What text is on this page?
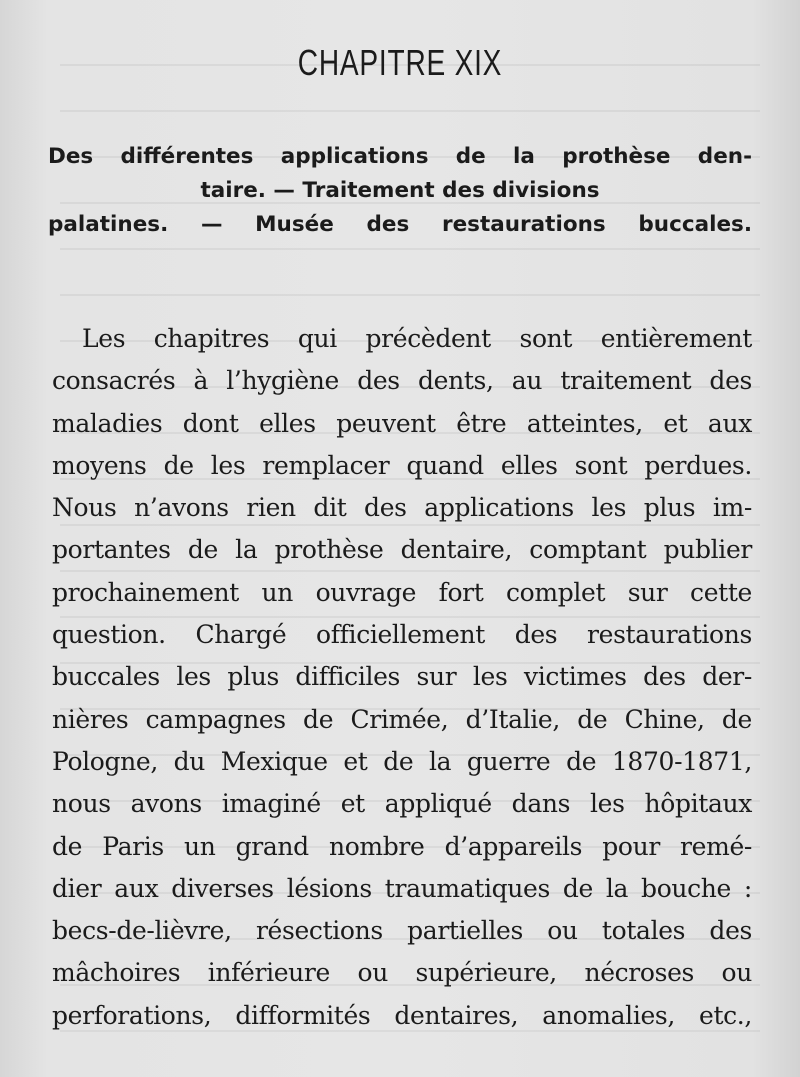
CHAPITRE XIX
Des différentes applications de la prothèse den-
taire. — Traitement des divisions
palatines. — Musée des restaurations buccales.
Les chapitres qui précèdent sont entièrement
consacrés à l’hygiène des dents, au traitement des
maladies dont elles peuvent être atteintes, et aux
moyens de les remplacer quand elles sont perdues.
Nous n’avons rien dit des applications les plus im-
portantes de la prothèse dentaire, comptant publier
prochainement un ouvrage fort complet sur cette
question. Chargé officiellement des restaurations
buccales les plus difficiles sur les victimes des der-
nières campagnes de Crimée, d’Italie, de Chine, de
Pologne, du Mexique et de la guerre de 1870-1871,
nous avons imaginé et appliqué dans les hôpitaux
de Paris un grand nombre d’appareils pour remé-
dier aux diverses lésions traumatiques de la bouche :
becs-de-lièvre, résections partielles ou totales des
mâchoires inférieure ou supérieure, nécroses ou
perforations, difformités dentaires, anomalies, etc.,
